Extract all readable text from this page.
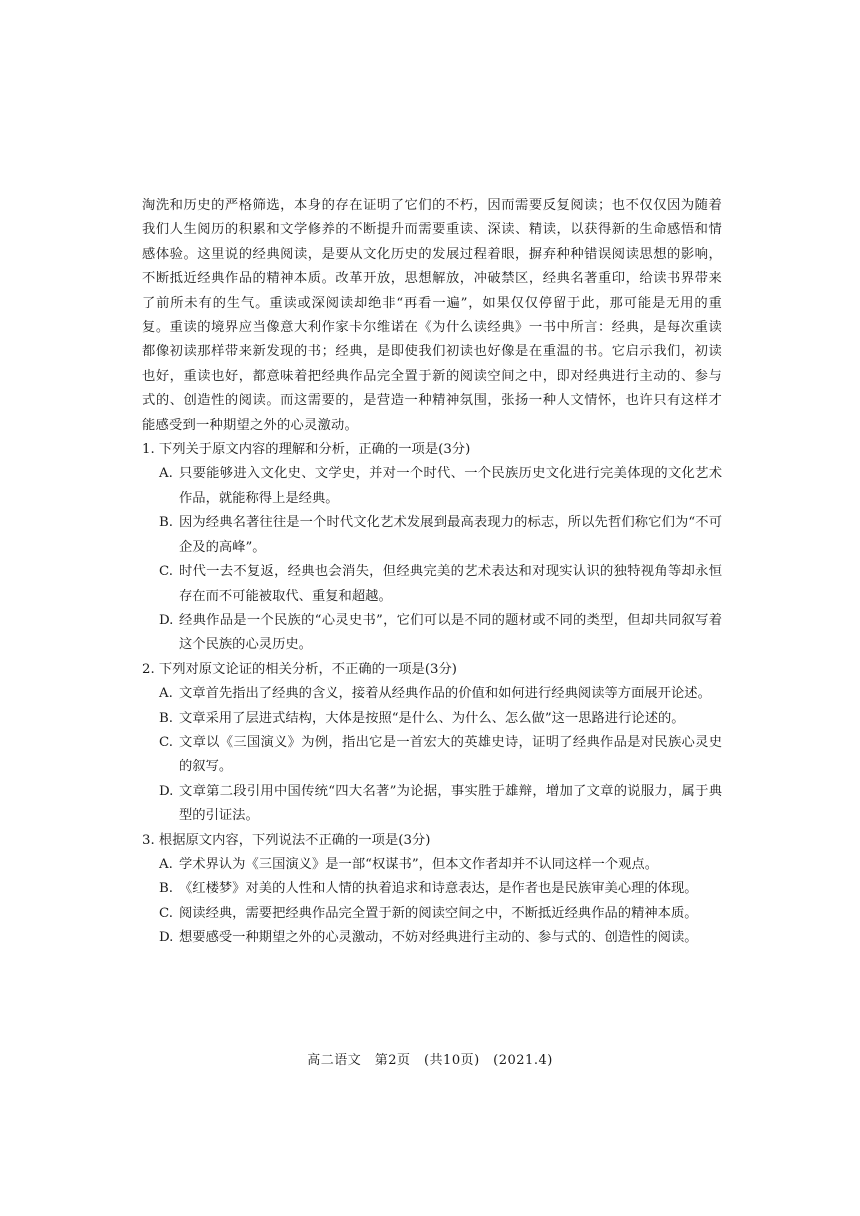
淘洗和历史的严格筛选，本身的存在证明了它们的不朽，因而需要反复阅读；也不仅仅因为随着我们人生阅历的积累和文学修养的不断提升而需要重读、深读、精读，以获得新的生命感悟和情感体验。这里说的经典阅读，是要从文化历史的发展过程着眼，摒弃种种错误阅读思想的影响，不断抵近经典作品的精神本质。改革开放，思想解放，冲破禁区，经典名著重印，给读书界带来了前所未有的生气。重读或深阅读却绝非“再看一遍”，如果仅仅停留于此，那可能是无用的重复。重读的境界应当像意大利作家卡尔维诺在《为什么读经典》一书中所言：经典，是每次重读都像初读那样带来新发现的书；经典，是即使我们初读也好像是在重温的书。它启示我们，初读也好，重读也好，都意味着把经典作品完全置于新的阅读空间之中，即对经典进行主动的、参与式的、创造性的阅读。而这需要的，是营造一种精神氛围，张扬一种人文情怀，也许只有这样才能感受到一种期望之外的心灵激动。

1. 下列关于原文内容的理解和分析，正确的一项是(3分)

A. 只要能够进入文化史、文学史，并对一个时代、一个民族历史文化进行完美体现的文化艺术作品，就能称得上是经典。
B. 因为经典名著往往是一个时代文化艺术发展到最高表现力的标志，所以先哲们称它们为“不可企及的高峰”。
C. 时代一去不复返，经典也会消失，但经典完美的艺术表达和对现实认识的独特视角等却永恒存在而不可能被取代、重复和超越。
D. 经典作品是一个民族的“心灵史书”，它们可以是不同的题材或不同的类型，但却共同叙写着这个民族的心灵历史。

2. 下列对原文论证的相关分析，不正确的一项是(3分)

A. 文章首先指出了经典的含义，接着从经典作品的价值和如何进行经典阅读等方面展开论述。
B. 文章采用了层进式结构，大体是按照“是什么、为什么、怎么做”这一思路进行论述的。
C. 文章以《三国演义》为例，指出它是一首宏大的英雄史诗，证明了经典作品是对民族心灵史的叙写。
D. 文章第二段引用中国传统“四大名著”为论据，事实胜于雄辩，增加了文章的说服力，属于典型的引证法。

3. 根据原文内容，下列说法不正确的一项是(3分)

A. 学术界认为《三国演义》是一部“权谋书”，但本文作者却并不认同这样一个观点。
B. 《红楼梦》对美的人性和人情的执着追求和诗意表达，是作者也是民族审美心理的体现。
C. 阅读经典，需要把经典作品完全置于新的阅读空间之中，不断抵近经典作品的精神本质。
D. 想要感受一种期望之外的心灵激动，不妨对经典进行主动的、参与式的、创造性的阅读。
高二语文　第2页　(共10页)　(2021.4)
